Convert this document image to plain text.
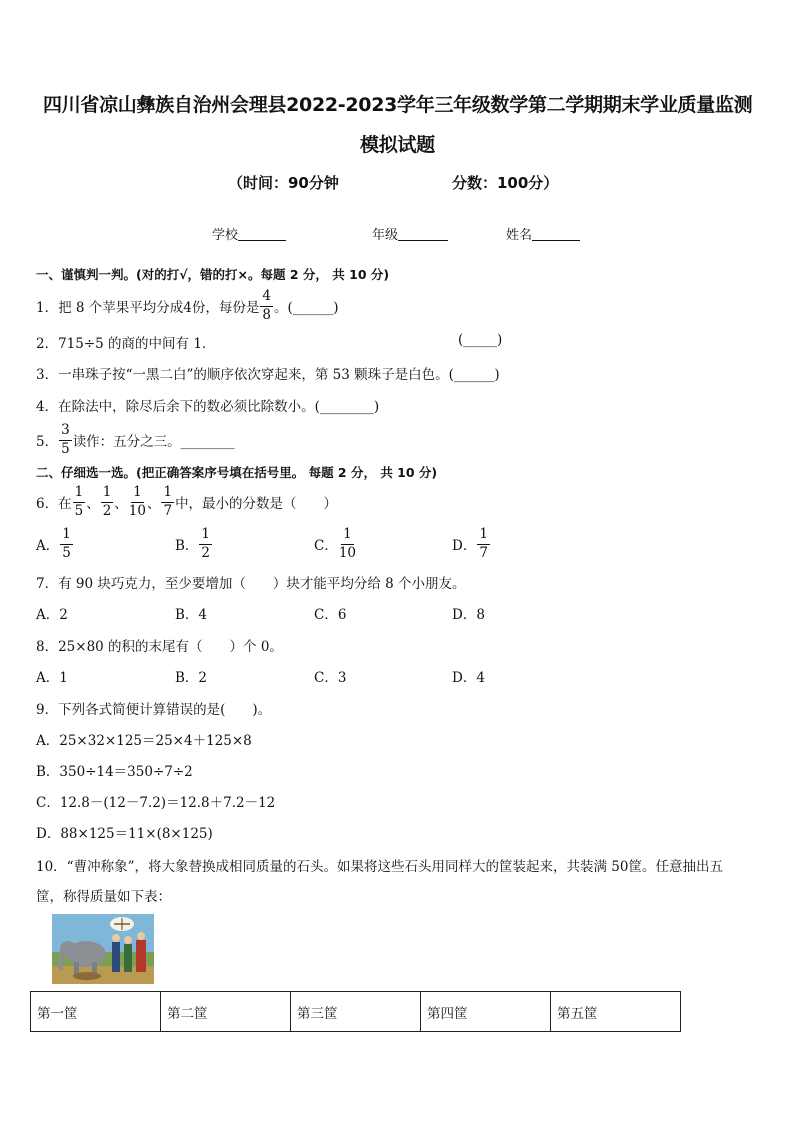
四川省凉山彝族自治州会理县2022-2023学年三年级数学第二学期期末学业质量监测
模拟试题
（时间：90分钟	分数：100分）
学校	年级	姓名
一、谨慎判一判。(对的打√，错的打×。每题 2 分， 共 10 分)
1．把 8 个苹果平均分成4份，每份是 $\frac{4}{8}$ 。(______)
2．715÷5 的商的中间有 1．	(_____)
3．一串珠子按“一黑二白”的顺序依次穿起来，第 53 颗珠子是白色。(______)
4．在除法中，除尽后余下的数必须比除数小。(________)
5． $\frac{3}{5}$ 读作：五分之三。________
二、仔细选一选。(把正确答案序号填在括号里。 每题 2 分， 共 10 分)
6．在 $\frac{1}{5}$ 、 $\frac{1}{2}$ 、 $\frac{1}{10}$ 、 $\frac{1}{7}$ 中，最小的分数是（　　）
A． $\frac{1}{5}$	B． $\frac{1}{2}$	C． $\frac{1}{10}$	D． $\frac{1}{7}$
7．有 90 块巧克力，至少要增加（　　）块才能平均分给 8 个小朋友。
A．2	B．4	C．6	D．8
8．25×80 的积的末尾有（　　）个 0。
A．1	B．2	C．3	D．4
9．下列各式简便计算错误的是(　　)。
A．25×32×125＝25×4＋125×8
B．350÷14＝350÷7÷2
C．12.8－(12－7.2)＝12.8＋7.2－12
D．88×125＝11×(8×125)
10．“曹冲称象”，将大象替换成相同质量的石头。如果将这些石头用同样大的筐装起来，共装满 50筐。任意抽出五
筐，称得质量如下表：
第一筐	第二筐	第三筐	第四筐	第五筐
